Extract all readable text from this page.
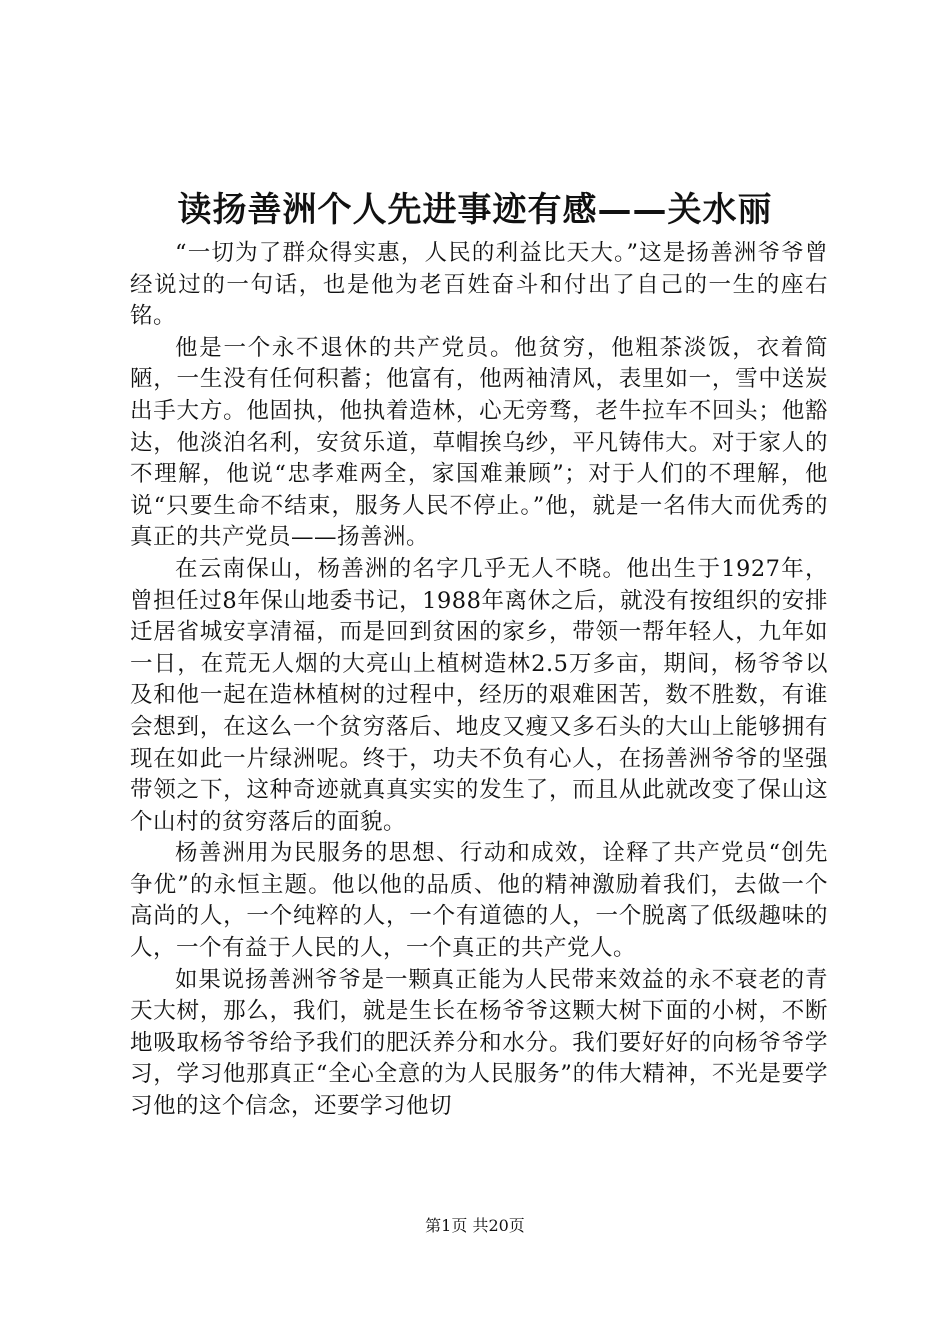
读扬善洲个人先进事迹有感——关水丽

“一切为了群众得实惠，人民的利益比天大。”这是扬善洲爷爷曾经说过的一句话，也是他为老百姓奋斗和付出了自己的一生的座右铭。

他是一个永不退休的共产党员。他贫穷，他粗茶淡饭，衣着简陋，一生没有任何积蓄；他富有，他两袖清风，表里如一，雪中送炭出手大方。他固执，他执着造林，心无旁骛，老牛拉车不回头；他豁达，他淡泊名利，安贫乐道，草帽挨乌纱，平凡铸伟大。对于家人的不理解，他说“忠孝难两全，家国难兼顾”；对于人们的不理解，他说“只要生命不结束，服务人民不停止。”他，就是一名伟大而优秀的真正的共产党员——扬善洲。

在云南保山，杨善洲的名字几乎无人不晓。他出生于1927年，曾担任过8年保山地委书记，1988年离休之后，就没有按组织的安排迁居省城安享清福，而是回到贫困的家乡，带领一帮年轻人，九年如一日，在荒无人烟的大亮山上植树造林2.5万多亩，期间，杨爷爷以及和他一起在造林植树的过程中，经历的艰难困苦，数不胜数，有谁会想到，在这么一个贫穷落后、地皮又瘦又多石头的大山上能够拥有现在如此一片绿洲呢。终于，功夫不负有心人，在扬善洲爷爷的坚强带领之下，这种奇迹就真真实实的发生了，而且从此就改变了保山这个山村的贫穷落后的面貌。

杨善洲用为民服务的思想、行动和成效，诠释了共产党员“创先争优”的永恒主题。他以他的品质、他的精神激励着我们，去做一个高尚的人，一个纯粹的人，一个有道德的人，一个脱离了低级趣味的人，一个有益于人民的人，一个真正的共产党人。

如果说扬善洲爷爷是一颗真正能为人民带来效益的永不衰老的青天大树，那么，我们，就是生长在杨爷爷这颗大树下面的小树，不断地吸取杨爷爷给予我们的肥沃养分和水分。我们要好好的向杨爷爷学习，学习他那真正“全心全意的为人民服务”的伟大精神，不光是要学习他的这个信念，还要学习他切

第1页 共20页
